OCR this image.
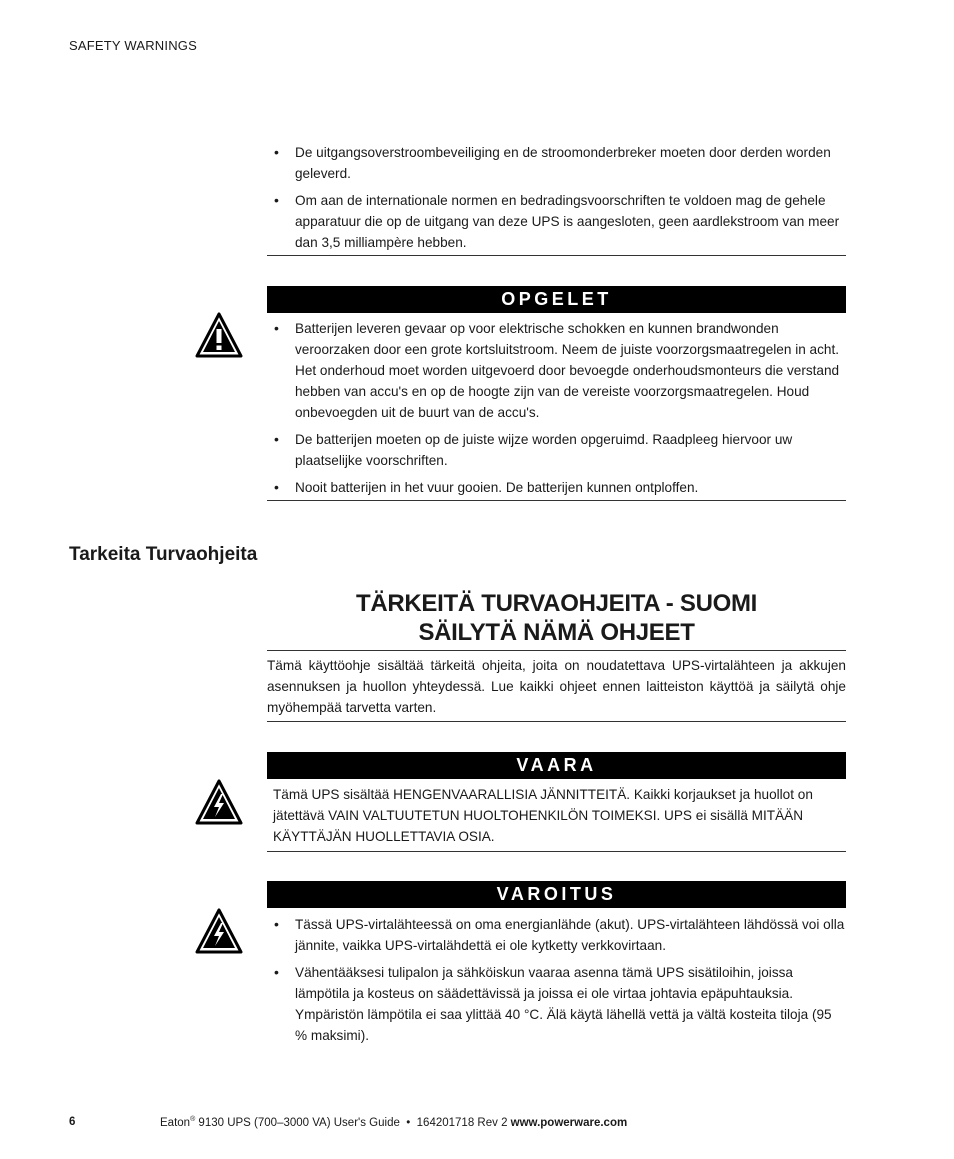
SAFETY WARNINGS
• De uitgangsoverstroombeveiliging en de stroomonderbreker moeten door derden worden geleverd.
• Om aan de internationale normen en bedradingsvoorschriften te voldoen mag de gehele apparatuur die op de uitgang van deze UPS is aangesloten, geen aardlekstroom van meer dan 3,5 milliampère hebben.
OPGELET
• Batterijen leveren gevaar op voor elektrische schokken en kunnen brandwonden veroorzaken door een grote kortsluitstroom. Neem de juiste voorzorgsmaatregelen in acht. Het onderhoud moet worden uitgevoerd door bevoegde onderhoudsmonteurs die verstand hebben van accu's en op de hoogte zijn van de vereiste voorzorgsmaatregelen. Houd onbevoegden uit de buurt van de accu's.
• De batterijen moeten op de juiste wijze worden opgeruimd. Raadpleeg hiervoor uw plaatselijke voorschriften.
• Nooit batterijen in het vuur gooien. De batterijen kunnen ontploffen.
Tarkeita Turvaohjeita
TÄRKEITÄ TURVAOHJEITA - SUOMI
SÄILYTÄ NÄMÄ OHJEET
Tämä käyttöohje sisältää tärkeitä ohjeita, joita on noudatettava UPS-virtalähteen ja akkujen asennuksen ja huollon yhteydessä. Lue kaikki ohjeet ennen laitteiston käyttöä ja säilytä ohje myöhempää tarvetta varten.
VAARA
Tämä UPS sisältää HENGENVAARALLISIA JÄNNITTEITÄ. Kaikki korjaukset ja huollot on jätettävä VAIN VALTUUTETUN HUOLTOHENKILÖN TOIMEKSI. UPS ei sisällä MITÄÄN KÄYTTÄJÄN HUOLLETTAVIA OSIA.
VAROITUS
• Tässä UPS-virtalähteessä on oma energianlähde (akut). UPS-virtalähteen lähdössä voi olla jännite, vaikka UPS-virtalähdettä ei ole kytketty verkkovirtaan.
• Vähentääksesi tulipalon ja sähköiskun vaaraa asenna tämä UPS sisätiloihin, joissa lämpötila ja kosteus on säädettävissä ja joissa ei ole virtaa johtavia epäpuhtauksia. Ympäristön lämpötila ei saa ylittää 40 °C. Älä käytä lähellä vettä ja vältä kosteita tiloja (95 % maksimi).
6	Eaton® 9130 UPS (700–3000 VA) User's Guide  •  164201718 Rev 2 www.powerware.com
